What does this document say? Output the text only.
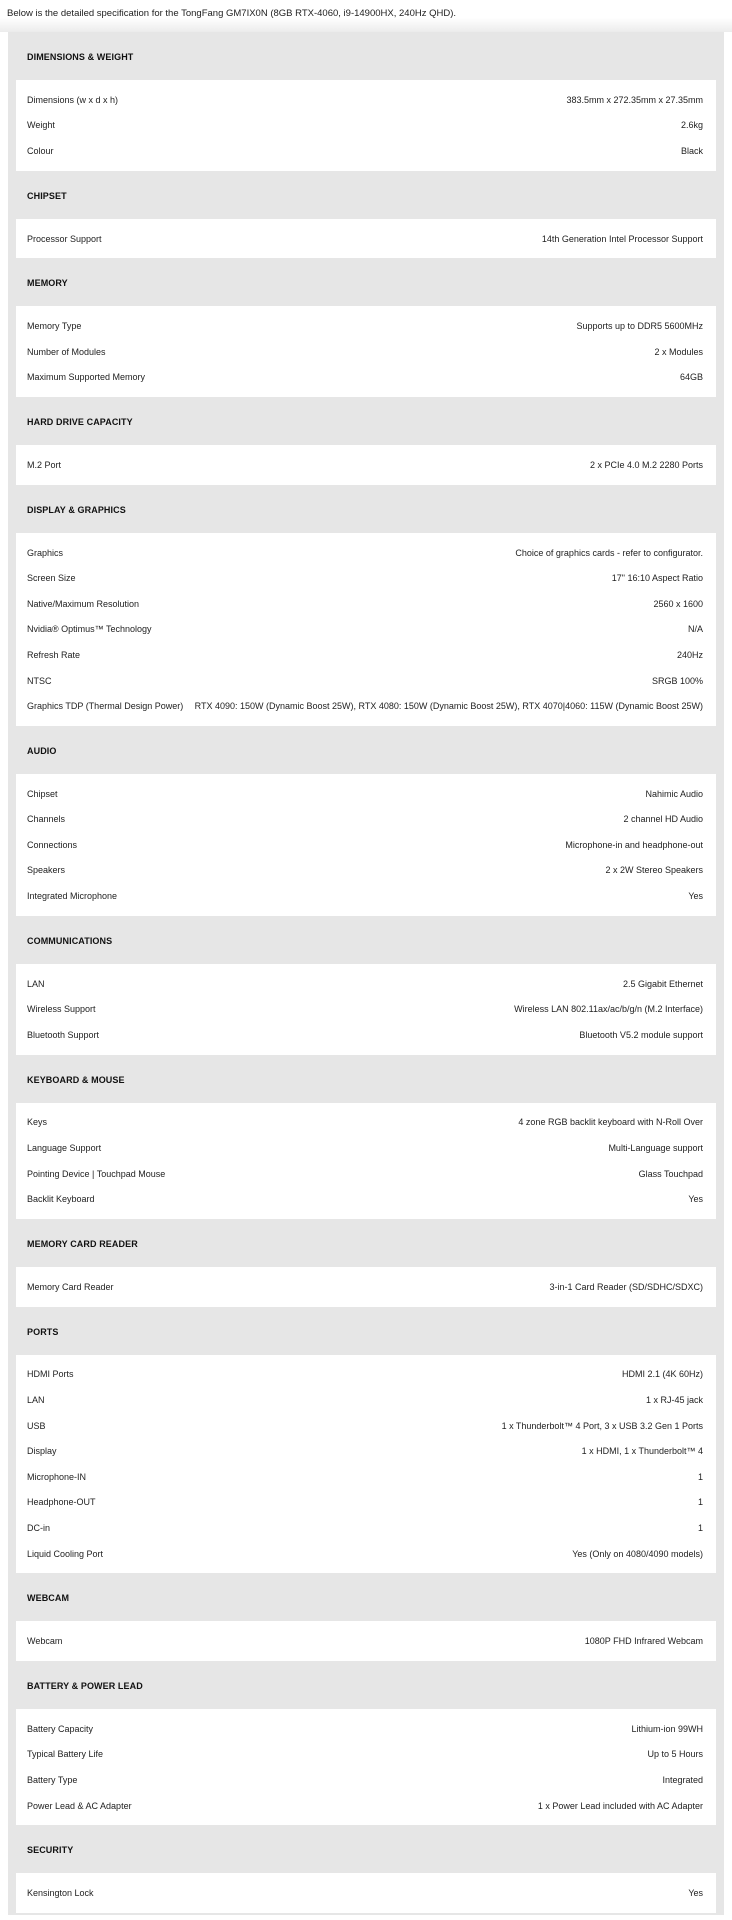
Below is the detailed specification for the TongFang GM7IX0N (8GB RTX-4060, i9-14900HX, 240Hz QHD).
DIMENSIONS & WEIGHT
Dimensions (w x d x h)	383.5mm x 272.35mm x 27.35mm
Weight	2.6kg
Colour	Black
CHIPSET
Processor Support	14th Generation Intel Processor Support
MEMORY
Memory Type	Supports up to DDR5 5600MHz
Number of Modules	2 x Modules
Maximum Supported Memory	64GB
HARD DRIVE CAPACITY
M.2 Port	2 x PCIe 4.0 M.2 2280 Ports
DISPLAY & GRAPHICS
Graphics	Choice of graphics cards - refer to configurator.
Screen Size	17" 16:10 Aspect Ratio
Native/Maximum Resolution	2560 x 1600
Nvidia® Optimus™ Technology	N/A
Refresh Rate	240Hz
NTSC	SRGB 100%
Graphics TDP (Thermal Design Power) RTX 4090: 150W (Dynamic Boost 25W), RTX 4080: 150W (Dynamic Boost 25W), RTX 4070|4060: 115W (Dynamic Boost 25W)
AUDIO
Chipset	Nahimic Audio
Channels	2 channel HD Audio
Connections	Microphone-in and headphone-out
Speakers	2 x 2W Stereo Speakers
Integrated Microphone	Yes
COMMUNICATIONS
LAN	2.5 Gigabit Ethernet
Wireless Support	Wireless LAN 802.11ax/ac/b/g/n (M.2 Interface)
Bluetooth Support	Bluetooth V5.2 module support
KEYBOARD & MOUSE
Keys	4 zone RGB backlit keyboard with N-Roll Over
Language Support	Multi-Language support
Pointing Device | Touchpad Mouse	Glass Touchpad
Backlit Keyboard	Yes
MEMORY CARD READER
Memory Card Reader	3-in-1 Card Reader (SD/SDHC/SDXC)
PORTS
HDMI Ports	HDMI 2.1 (4K 60Hz)
LAN	1 x RJ-45 jack
USB	1 x Thunderbolt™ 4 Port, 3 x USB 3.2 Gen 1 Ports
Display	1 x HDMI, 1 x Thunderbolt™ 4
Microphone-IN	1
Headphone-OUT	1
DC-in	1
Liquid Cooling Port	Yes (Only on 4080/4090 models)
WEBCAM
Webcam	1080P FHD Infrared Webcam
BATTERY & POWER LEAD
Battery Capacity	Lithium-ion 99WH
Typical Battery Life	Up to 5 Hours
Battery Type	Integrated
Power Lead & AC Adapter	1 x Power Lead included with AC Adapter
SECURITY
Kensington Lock	Yes
